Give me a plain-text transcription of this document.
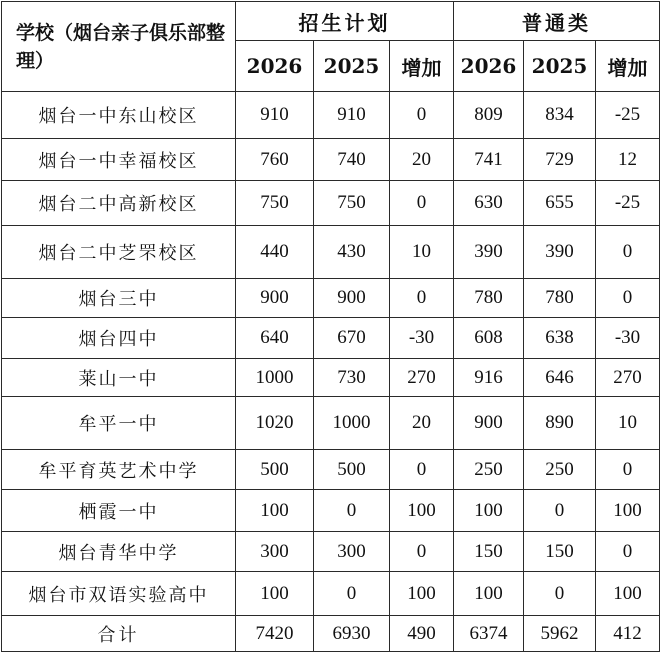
学校（烟台亲子俱乐部整理）	招生计划			普通类		
	2026	2025	增加	2026	2025	增加
烟台一中东山校区	910	910	0	809	834	-25
烟台一中幸福校区	760	740	20	741	729	12
烟台二中高新校区	750	750	0	630	655	-25
烟台二中芝罘校区	440	430	10	390	390	0
烟台三中	900	900	0	780	780	0
烟台四中	640	670	-30	608	638	-30
莱山一中	1000	730	270	916	646	270
牟平一中	1020	1000	20	900	890	10
牟平育英艺术中学	500	500	0	250	250	0
栖霞一中	100	0	100	100	0	100
烟台青华中学	300	300	0	150	150	0
烟台市双语实验高中	100	0	100	100	0	100
合计	7420	6930	490	6374	5962	412
